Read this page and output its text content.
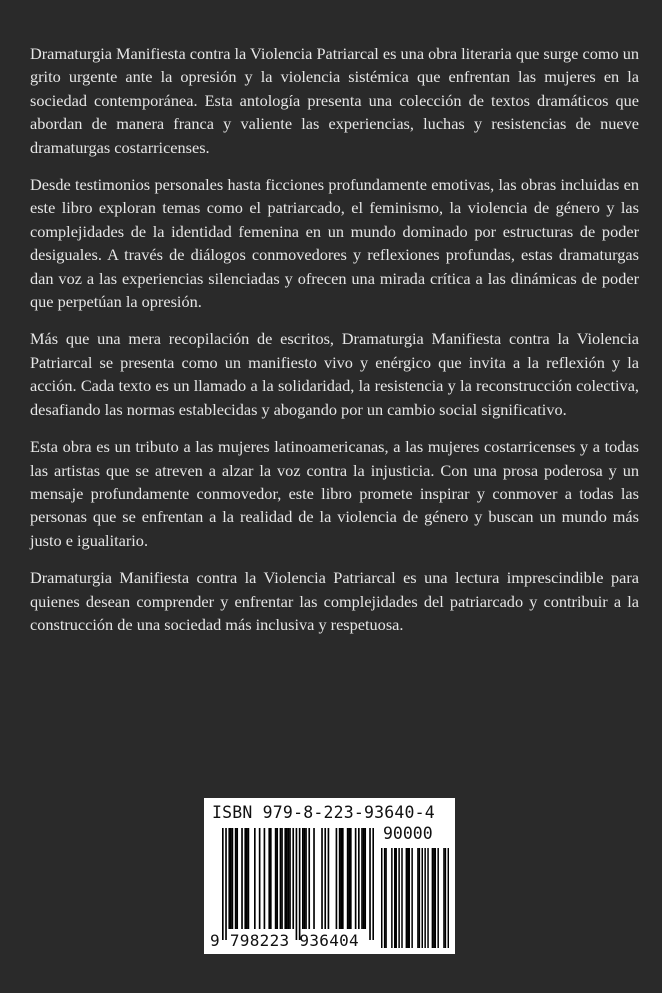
Dramaturgia Manifiesta contra la Violencia Patriarcal es una obra literaria que surge como un grito urgente ante la opresión y la violencia sistémica que enfrentan las mujeres en la sociedad contemporánea. Esta antología presenta una colección de textos dramáticos que abordan de manera franca y valiente las experiencias, luchas y resistencias de nueve dramaturgas costarricenses.

Desde testimonios personales hasta ficciones profundamente emotivas, las obras incluidas en este libro exploran temas como el patriarcado, el feminismo, la violencia de género y las complejidades de la identidad femenina en un mundo dominado por estructuras de poder desiguales. A través de diálogos conmovedores y reflexiones profundas, estas dramaturgas dan voz a las experiencias silenciadas y ofrecen una mirada crítica a las dinámicas de poder que perpetúan la opresión.

Más que una mera recopilación de escritos, Dramaturgia Manifiesta contra la Violencia Patriarcal se presenta como un manifiesto vivo y enérgico que invita a la reflexión y la acción. Cada texto es un llamado a la solidaridad, la resistencia y la reconstrucción colectiva, desafiando las normas establecidas y abogando por un cambio social significativo.

Esta obra es un tributo a las mujeres latinoamericanas, a las mujeres costarricenses y a todas las artistas que se atreven a alzar la voz contra la injusticia. Con una prosa poderosa y un mensaje profundamente conmovedor, este libro promete inspirar y conmover a todas las personas que se enfrentan a la realidad de la violencia de género y buscan un mundo más justo e igualitario.

Dramaturgia Manifiesta contra la Violencia Patriarcal es una lectura imprescindible para quienes desean comprender y enfrentar las complejidades del patriarcado y contribuir a la construcción de una sociedad más inclusiva y respetuosa.

ISBN 979-8-223-93640-4
90000
9 798223 936404
